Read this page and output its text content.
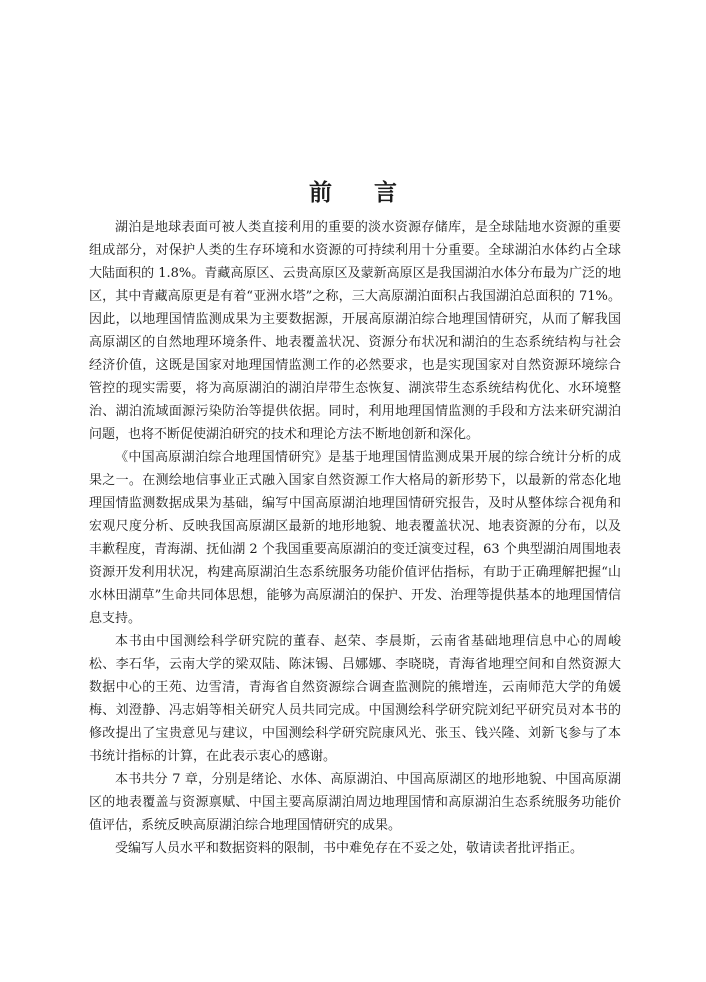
前言

湖泊是地球表面可被人类直接利用的重要的淡水资源存储库，是全球陆地水资源的重要组成部分，对保护人类的生存环境和水资源的可持续利用十分重要。全球湖泊水体约占全球大陆面积的 1.8%。青藏高原区、云贵高原区及蒙新高原区是我国湖泊水体分布最为广泛的地区，其中青藏高原更是有着“亚洲水塔”之称，三大高原湖泊面积占我国湖泊总面积的 71%。因此，以地理国情监测成果为主要数据源，开展高原湖泊综合地理国情研究，从而了解我国高原湖区的自然地理环境条件、地表覆盖状况、资源分布状况和湖泊的生态系统结构与社会经济价值，这既是国家对地理国情监测工作的必然要求，也是实现国家对自然资源环境综合管控的现实需要，将为高原湖泊的湖泊岸带生态恢复、湖滨带生态系统结构优化、水环境整治、湖泊流域面源污染防治等提供依据。同时，利用地理国情监测的手段和方法来研究湖泊问题，也将不断促使湖泊研究的技术和理论方法不断地创新和深化。

《中国高原湖泊综合地理国情研究》是基于地理国情监测成果开展的综合统计分析的成果之一。在测绘地信事业正式融入国家自然资源工作大格局的新形势下，以最新的常态化地理国情监测数据成果为基础，编写中国高原湖泊地理国情研究报告，及时从整体综合视角和宏观尺度分析、反映我国高原湖区最新的地形地貌、地表覆盖状况、地表资源的分布，以及丰歉程度，青海湖、抚仙湖 2 个我国重要高原湖泊的变迁演变过程，63 个典型湖泊周围地表资源开发利用状况，构建高原湖泊生态系统服务功能价值评估指标，有助于正确理解把握“山水林田湖草”生命共同体思想，能够为高原湖泊的保护、开发、治理等提供基本的地理国情信息支持。

本书由中国测绘科学研究院的董春、赵荣、李晨斯，云南省基础地理信息中心的周峻松、李石华，云南大学的梁双陆、陈沫锡、吕娜娜、李晓晓，青海省地理空间和自然资源大数据中心的王苑、边雪清，青海省自然资源综合调查监测院的熊增连，云南师范大学的角媛梅、刘澄静、冯志娟等相关研究人员共同完成。中国测绘科学研究院刘纪平研究员对本书的修改提出了宝贵意见与建议，中国测绘科学研究院康风光、张玉、钱兴隆、刘新飞参与了本书统计指标的计算，在此表示衷心的感谢。

本书共分 7 章，分别是绪论、水体、高原湖泊、中国高原湖区的地形地貌、中国高原湖区的地表覆盖与资源禀赋、中国主要高原湖泊周边地理国情和高原湖泊生态系统服务功能价值评估，系统反映高原湖泊综合地理国情研究的成果。

受编写人员水平和数据资料的限制，书中难免存在不妥之处，敬请读者批评指正。
